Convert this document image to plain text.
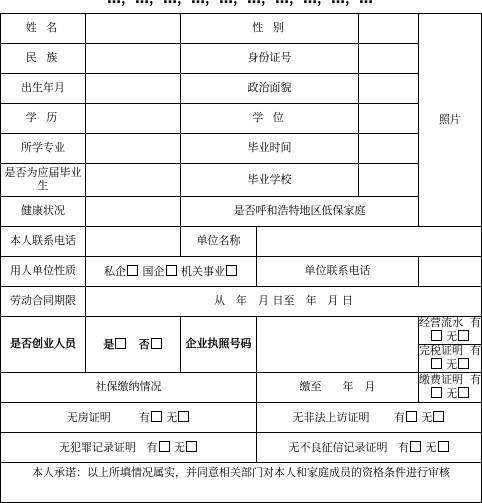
姓 名		性 别			照片
民 族		身份证号			
出生年月		政治面貌			
学 历		学 位			
所学专业		毕业时间			
是否为应届毕业生		毕业学校			
健康状况		是否呼和浩特地区低保家庭			
本人联系电话		单位名称			
用人单位性质	私企 国企 机关事业		单位联系电话		
劳动合同期限	从　年　月 日至　年　月 日				
是否创业人员	是 否	企业执照号码			经营流水 有 无
					完税证明 有 无
社保缴纳情况			缴至 年　月		缴费证明 有 无
无房证明 有 无			无非法上访证明 有 无		
无犯罪记录证明 有 无			无不良征信记录证明 有 无		
本人承诺：以上所填情况属实，并同意相关部门对本人和家庭成员的资格条件进行审核					
